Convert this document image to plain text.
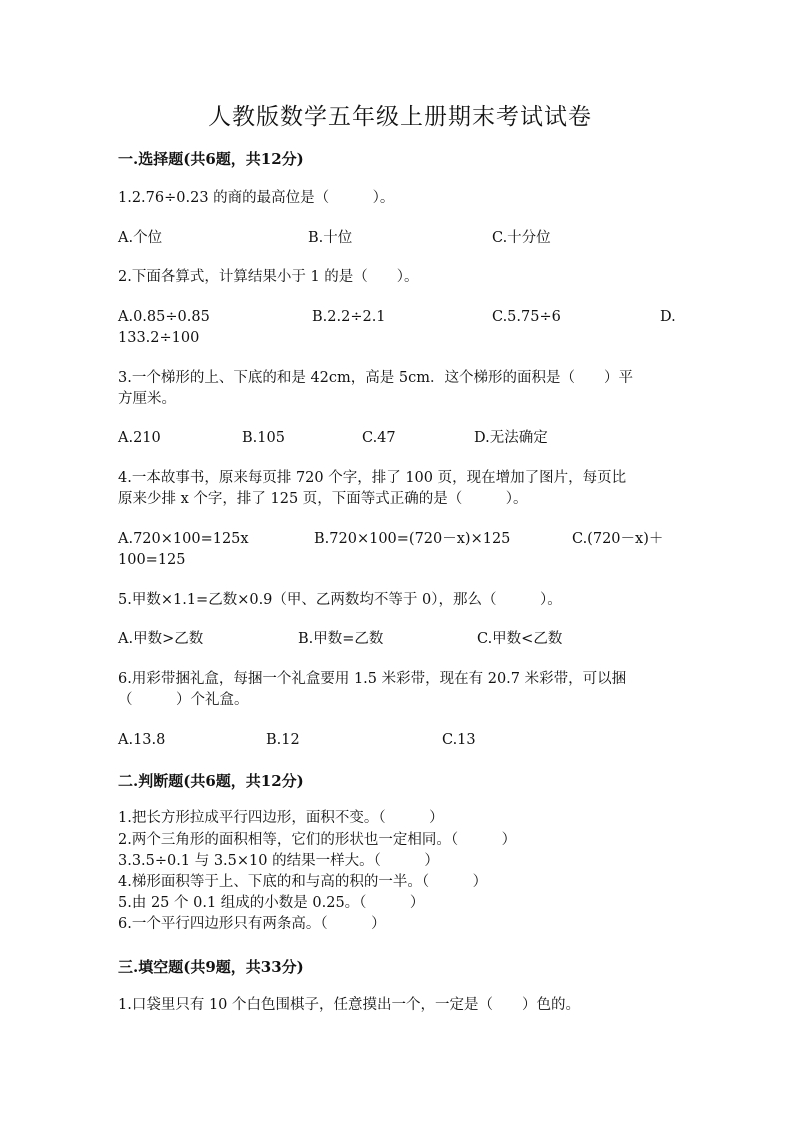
人教版数学五年级上册期末考试试卷
一.选择题(共6题，共12分)
1.2.76÷0.23 的商的最高位是（　　　）。
A.个位	B.十位	C.十分位
2.下面各算式，计算结果小于 1 的是（　　）。
A.0.85÷0.85	B.2.2÷2.1	C.5.75÷6	D.
133.2÷100
3.一个梯形的上、下底的和是 42cm，高是 5cm．这个梯形的面积是（　　）平
方厘米。
A.210	B.105	C.47	D.无法确定
4.一本故事书，原来每页排 720 个字，排了 100 页，现在增加了图片，每页比
原来少排 x 个字，排了 125 页，下面等式正确的是（　　　）。
A.720×100=125x	B.720×100=(720－x)×125	C.(720－x)＋
100=125
5.甲数×1.1=乙数×0.9（甲、乙两数均不等于 0），那么（　　　）。
A.甲数>乙数	B.甲数=乙数	C.甲数<乙数
6.用彩带捆礼盒，每捆一个礼盒要用 1.5 米彩带，现在有 20.7 米彩带，可以捆
（　　　）个礼盒。
A.13.8	B.12	C.13
二.判断题(共6题，共12分)
1.把长方形拉成平行四边形，面积不变。（　　　）
2.两个三角形的面积相等，它们的形状也一定相同。（　　　）
3.3.5÷0.1 与 3.5×10 的结果一样大。（　　　）
4.梯形面积等于上、下底的和与高的积的一半。（　　　）
5.由 25 个 0.1 组成的小数是 0.25。（　　　）
6.一个平行四边形只有两条高。（　　　）
三.填空题(共9题，共33分)
1.口袋里只有 10 个白色围棋子，任意摸出一个，一定是（　　）色的。
